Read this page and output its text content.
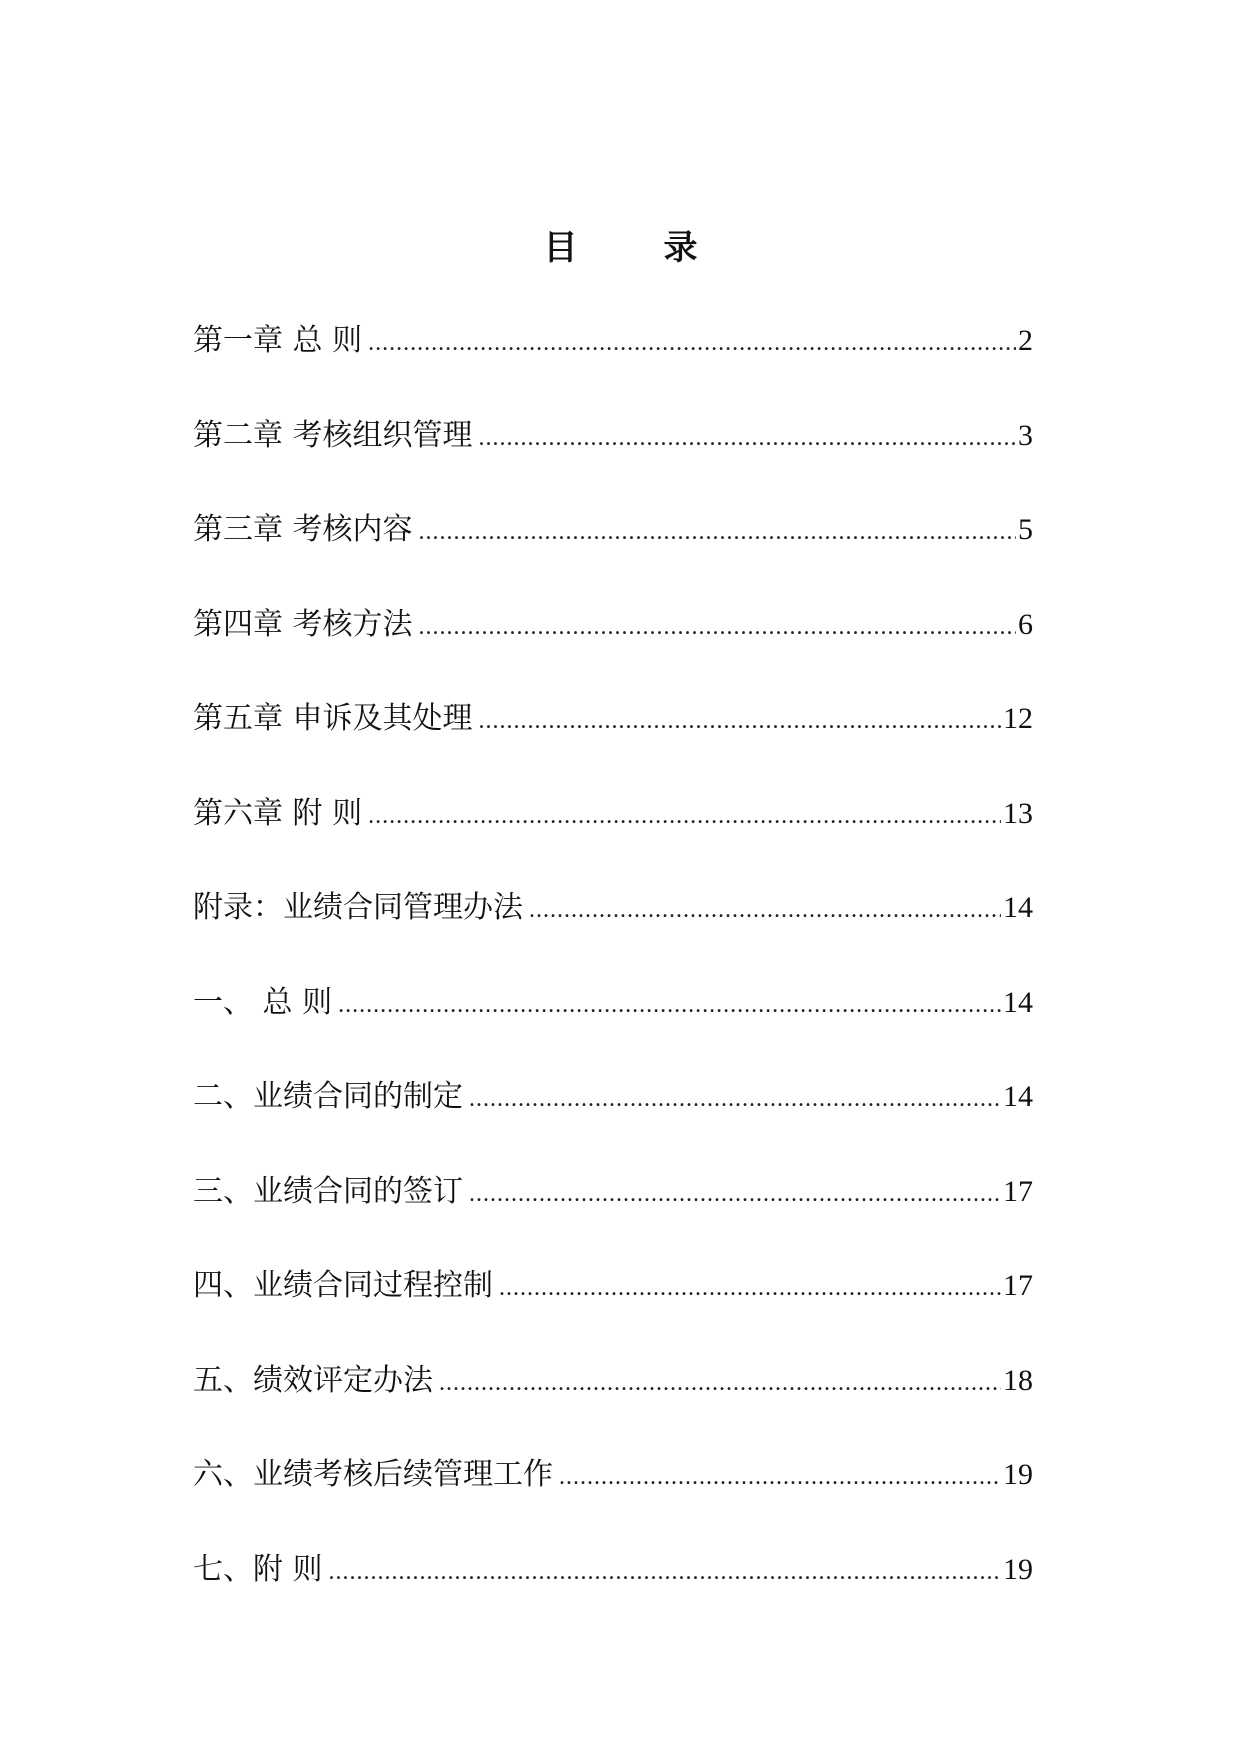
目　录
第一章 总 则 .....	2
第二章 考核组织管理 .....	3
第三章 考核内容 .....	5
第四章 考核方法 .....	6
第五章 申诉及其处理 .....	12
第六章 附 则 .....	13
附录：业绩合同管理办法 .....	14
一、 总 则 .....	14
二、业绩合同的制定 .....	14
三、业绩合同的签订 .....	17
四、业绩合同过程控制 .....	17
五、绩效评定办法 .....	18
六、业绩考核后续管理工作 .....	19
七、附 则 .....	19
